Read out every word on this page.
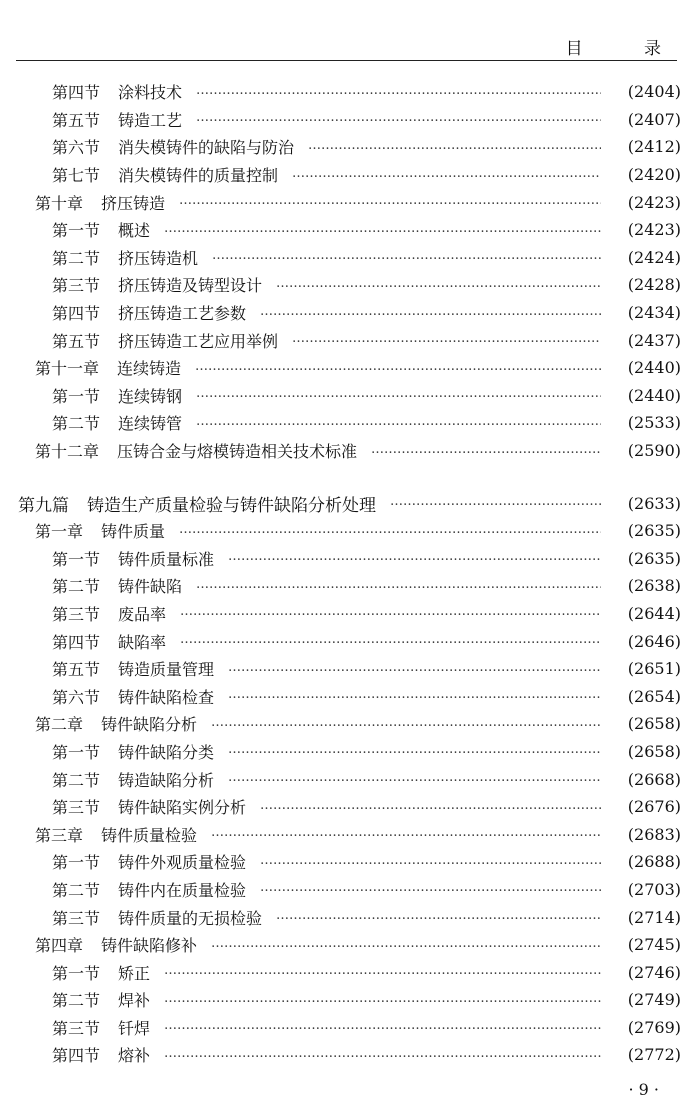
目 录
第四节 涂料技术 …………………………………………………………………………………………………………………………………………………………………………………………	(2404)
第五节 铸造工艺 …………………………………………………………………………………………………………………………………………………………………………………………	(2407)
第六节 消失模铸件的缺陷与防治 …………………………………………………………………………………………………………………………………………………………………………………………	(2412)
第七节 消失模铸件的质量控制 …………………………………………………………………………………………………………………………………………………………………………………………	(2420)
第十章 挤压铸造 …………………………………………………………………………………………………………………………………………………………………………………………	(2423)
第一节 概述 …………………………………………………………………………………………………………………………………………………………………………………………	(2423)
第二节 挤压铸造机 …………………………………………………………………………………………………………………………………………………………………………………………	(2424)
第三节 挤压铸造及铸型设计 …………………………………………………………………………………………………………………………………………………………………………………………	(2428)
第四节 挤压铸造工艺参数 …………………………………………………………………………………………………………………………………………………………………………………………	(2434)
第五节 挤压铸造工艺应用举例 …………………………………………………………………………………………………………………………………………………………………………………………	(2437)
第十一章 连续铸造 …………………………………………………………………………………………………………………………………………………………………………………………	(2440)
第一节 连续铸钢 …………………………………………………………………………………………………………………………………………………………………………………………	(2440)
第二节 连续铸管 …………………………………………………………………………………………………………………………………………………………………………………………	(2533)
第十二章 压铸合金与熔模铸造相关技术标准 …………………………………………………………………………………………………………………………………………………………………………………………	(2590)
第九篇 铸造生产质量检验与铸件缺陷分析处理 …………………………………………………………………………………………………………………………………………………………………………………………	(2633)
第一章 铸件质量 …………………………………………………………………………………………………………………………………………………………………………………………	(2635)
第一节 铸件质量标准 …………………………………………………………………………………………………………………………………………………………………………………………	(2635)
第二节 铸件缺陷 …………………………………………………………………………………………………………………………………………………………………………………………	(2638)
第三节 废品率 …………………………………………………………………………………………………………………………………………………………………………………………	(2644)
第四节 缺陷率 …………………………………………………………………………………………………………………………………………………………………………………………	(2646)
第五节 铸造质量管理 …………………………………………………………………………………………………………………………………………………………………………………………	(2651)
第六节 铸件缺陷检查 …………………………………………………………………………………………………………………………………………………………………………………………	(2654)
第二章 铸件缺陷分析 …………………………………………………………………………………………………………………………………………………………………………………………	(2658)
第一节 铸件缺陷分类 …………………………………………………………………………………………………………………………………………………………………………………………	(2658)
第二节 铸造缺陷分析 …………………………………………………………………………………………………………………………………………………………………………………………	(2668)
第三节 铸件缺陷实例分析 …………………………………………………………………………………………………………………………………………………………………………………………	(2676)
第三章 铸件质量检验 …………………………………………………………………………………………………………………………………………………………………………………………	(2683)
第一节 铸件外观质量检验 …………………………………………………………………………………………………………………………………………………………………………………………	(2688)
第二节 铸件内在质量检验 …………………………………………………………………………………………………………………………………………………………………………………………	(2703)
第三节 铸件质量的无损检验 …………………………………………………………………………………………………………………………………………………………………………………………	(2714)
第四章 铸件缺陷修补 …………………………………………………………………………………………………………………………………………………………………………………………	(2745)
第一节 矫正 …………………………………………………………………………………………………………………………………………………………………………………………	(2746)
第二节 焊补 …………………………………………………………………………………………………………………………………………………………………………………………	(2749)
第三节 钎焊 …………………………………………………………………………………………………………………………………………………………………………………………	(2769)
第四节 熔补 …………………………………………………………………………………………………………………………………………………………………………………………	(2772)
· 9 ·
